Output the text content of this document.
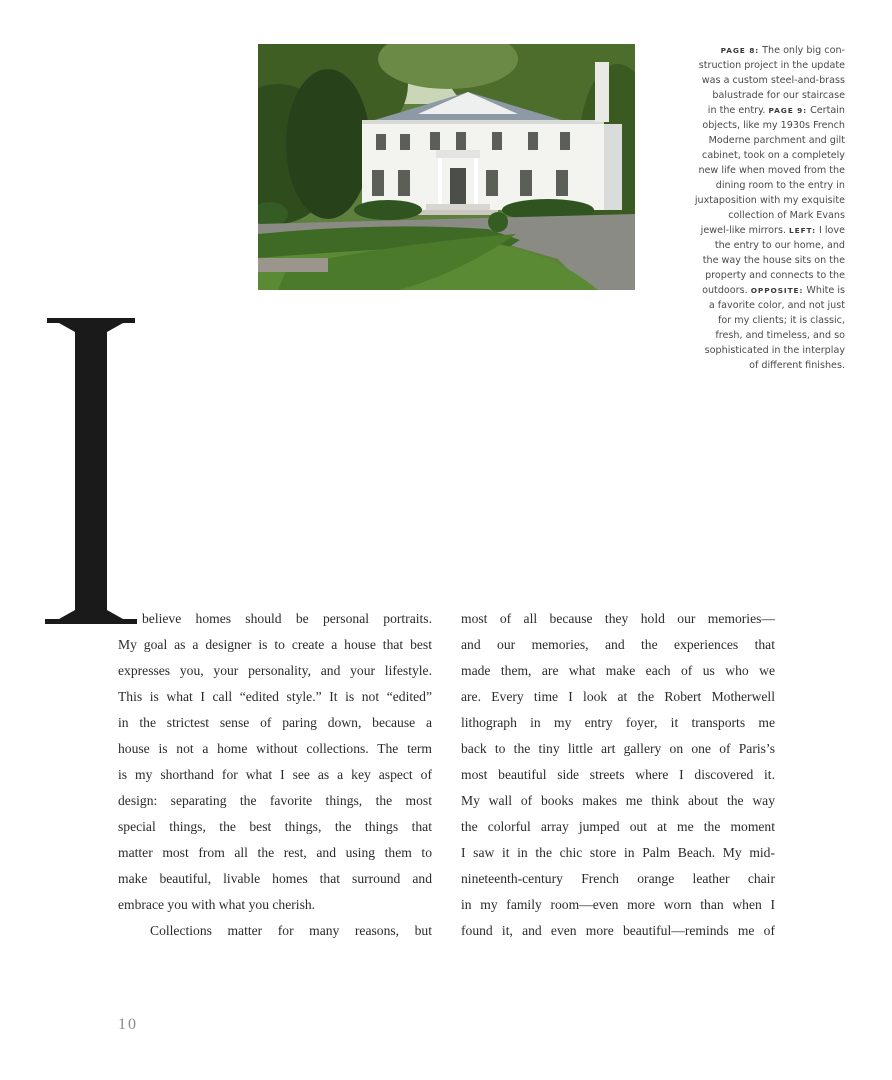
PAGE 8: The only big con-
struction project in the update
was a custom steel-and-brass
balustrade for our staircase
in the entry. PAGE 9: Certain
objects, like my 1930s French
Moderne parchment and gilt
cabinet, took on a completely
new life when moved from the
dining room to the entry in
juxtaposition with my exquisite
collection of Mark Evans
jewel-like mirrors. LEFT: I love
the entry to our home, and
the way the house sits on the
property and connects to the
outdoors. OPPOSITE: White is
a favorite color, and not just
for my clients; it is classic,
fresh, and timeless, and so
sophisticated in the interplay
of different finishes.
I
believe homes should be personal portraits.
My goal as a designer is to create a house that best
expresses you, your personality, and your lifestyle.
This is what I call “edited style.” It is not “edited”
in the strictest sense of paring down, because a
house is not a home without collections. The term
is my shorthand for what I see as a key aspect of
design: separating the favorite things, the most
special things, the best things, the things that
matter most from all the rest, and using them to
make beautiful, livable homes that surround and
embrace you with what you cherish.
Collections matter for many reasons, but
most of all because they hold our memories—
and our memories, and the experiences that
made them, are what make each of us who we
are. Every time I look at the Robert Motherwell
lithograph in my entry foyer, it transports me
back to the tiny little art gallery on one of Paris’s
most beautiful side streets where I discovered it.
My wall of books makes me think about the way
the colorful array jumped out at me the moment
I saw it in the chic store in Palm Beach. My mid-
nineteenth-century French orange leather chair
in my family room—even more worn than when I
found it, and even more beautiful—reminds me of
10
